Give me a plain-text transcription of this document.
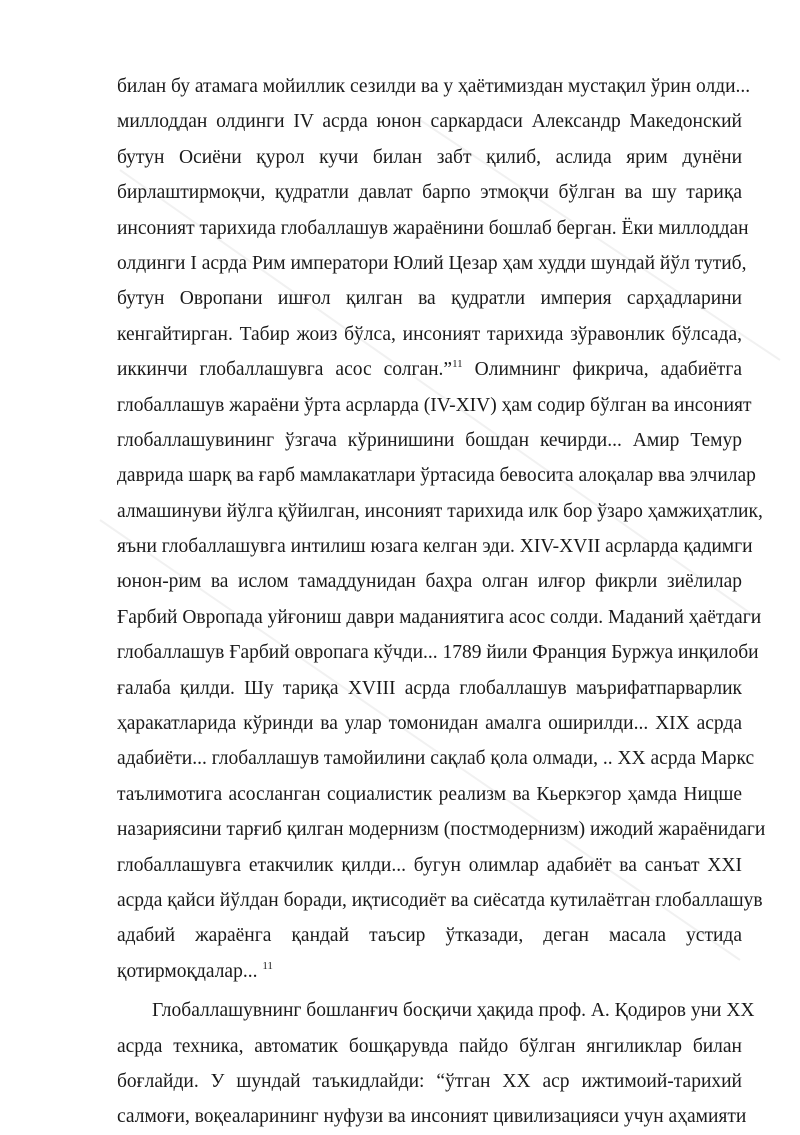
билан бу атамага мойиллик сезилди ва у ҳаётимиздан мустақил ўрин олди...
миллоддан олдинги IV асрда юнон саркардаси Александр Македонский
бутун Осиёни қурол кучи билан забт қилиб, аслида ярим дунёни
бирлаштирмоқчи, қудратли давлат барпо этмоқчи бўлган ва шу тариқа
инсоният тарихида глобаллашув жараёнини бошлаб берган. Ёки миллоддан
олдинги I асрда Рим императори Юлий Цезар ҳам худди шундай йўл тутиб,
бутун Овропани ишғол қилган ва қудратли империя сарҳадларини
кенгайтирган. Табир жоиз бўлса, инсоният тарихида зўравонлик бўлсада,
иккинчи глобаллашувга асос солган.”$^{11}$ Олимнинг фикрича, адабиётга
глобаллашув жараёни ўрта асрларда (IV-XIV) ҳам содир бўлган ва инсоният
глобаллашувининг ўзгача кўринишини бошдан кечирди... Амир Темур
даврида шарқ ва ғарб мамлакатлари ўртасида бевосита алоқалар вва элчилар
алмашинуви йўлга қўйилган, инсоният тарихида илк бор ўзаро ҳамжиҳатлик,
яъни глобаллашувга интилиш юзага келган эди. XIV-XVII асрларда қадимги
юнон-рим ва ислом тамаддунидан баҳра олган илғор фикрли зиёлилар
Ғарбий Овропада уйғониш даври маданиятига асос солди. Маданий ҳаётдаги
глобаллашув Ғарбий овропага кўчди... 1789 йили Франция Буржуа инқилоби
ғалаба қилди. Шу тариқа XVIII асрда глобаллашув маърифатпарварлик
ҳаракатларида кўринди ва улар томонидан амалга оширилди... XIX асрда
адабиёти... глобаллашув тамойилини сақлаб қола олмади, .. XX асрда Маркс
таълимотига асосланган социалистик реализм ва Кьеркэгор ҳамда Ницше
назариясини тарғиб қилган модернизм (постмодернизм) ижодий жараёнидаги
глобаллашувга етакчилик қилди... бугун олимлар адабиёт ва санъат XXI
асрда қайси йўлдан боради, иқтисодиёт ва сиёсатда кутилаётган глобаллашув
адабий жараёнга қандай таъсир ўтказади, деган масала устида
қотирмоқдалар... $^{11}$
Глобаллашувнинг бошланғич босқичи ҳақида проф. А. Қодиров уни XX
асрда техника, автоматик бошқарувда пайдо бўлган янгиликлар билан
боғлайди. У шундай таъкидлайди: “ўтган XX аср ижтимоий-тарихий
салмоғи, воқеаларининг нуфузи ва инсоният цивилизацияси учун аҳамияти
